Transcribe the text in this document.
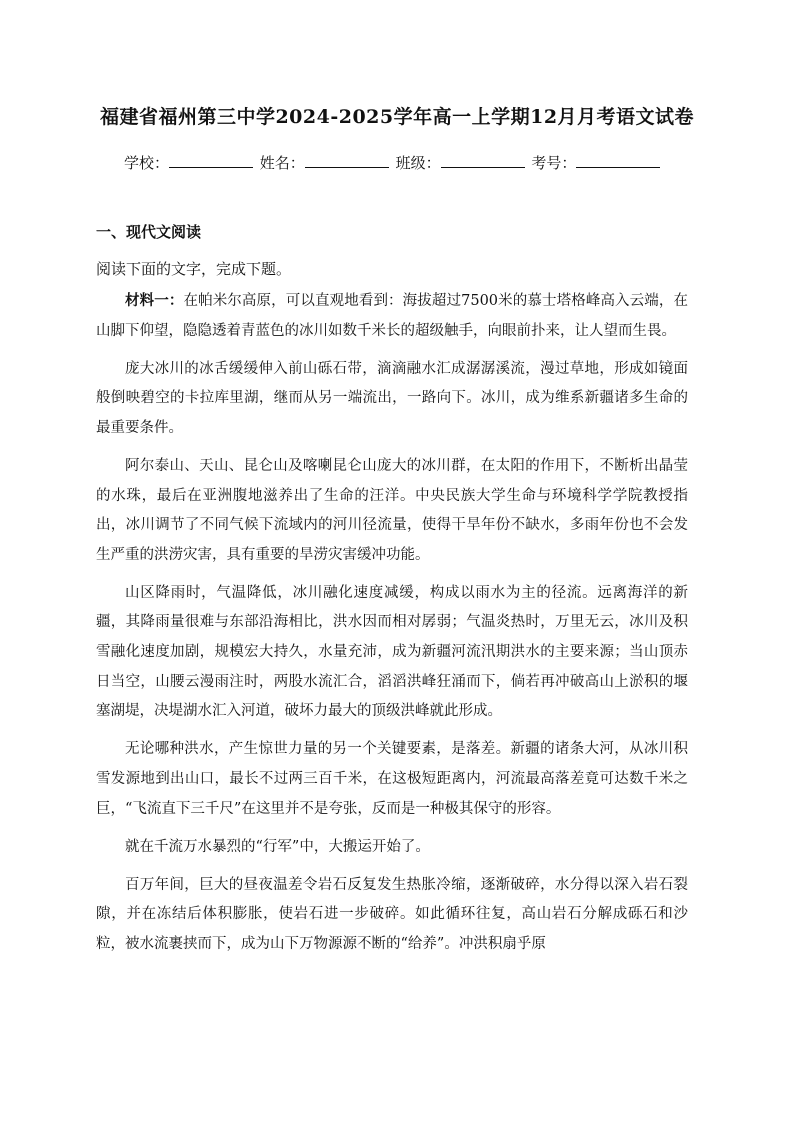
福建省福州第三中学2024-2025学年高一上学期12月月考语文试卷
学校：	姓名：	班级：	考号：
一、现代文阅读
阅读下面的文字，完成下题。

材料一：在帕米尔高原，可以直观地看到：海拔超过7500米的慕士塔格峰高入云端，在山脚下仰望，隐隐透着青蓝色的冰川如数千米长的超级触手，向眼前扑来，让人望而生畏。

庞大冰川的冰舌缓缓伸入前山砾石带，滴滴融水汇成潺潺溪流，漫过草地，形成如镜面般倒映碧空的卡拉库里湖，继而从另一端流出，一路向下。冰川，成为维系新疆诸多生命的最重要条件。

阿尔泰山、天山、昆仑山及喀喇昆仑山庞大的冰川群，在太阳的作用下，不断析出晶莹的水珠，最后在亚洲腹地滋养出了生命的汪洋。中央民族大学生命与环境科学学院教授指出，冰川调节了不同气候下流域内的河川径流量，使得干旱年份不缺水，多雨年份也不会发生严重的洪涝灾害，具有重要的旱涝灾害缓冲功能。

山区降雨时，气温降低，冰川融化速度减缓，构成以雨水为主的径流。远离海洋的新疆，其降雨量很难与东部沿海相比，洪水因而相对孱弱；气温炎热时，万里无云，冰川及积雪融化速度加剧，规模宏大持久，水量充沛，成为新疆河流汛期洪水的主要来源；当山顶赤日当空，山腰云漫雨注时，两股水流汇合，滔滔洪峰狂涌而下，倘若再冲破高山上淤积的堰塞湖堤，决堤湖水汇入河道，破坏力最大的顶级洪峰就此形成。

无论哪种洪水，产生惊世力量的另一个关键要素，是落差。新疆的诸条大河，从冰川积雪发源地到出山口，最长不过两三百千米，在这极短距离内，河流最高落差竟可达数千米之巨，“飞流直下三千尺”在这里并不是夸张，反而是一种极其保守的形容。

就在千流万水暴烈的“行军”中，大搬运开始了。

百万年间，巨大的昼夜温差令岩石反复发生热胀冷缩，逐渐破碎，水分得以深入岩石裂隙，并在冻结后体积膨胀，使岩石进一步破碎。如此循环往复，高山岩石分解成砾石和沙粒，被水流裹挟而下，成为山下万物源源不断的“给养”。冲洪积扇乎原
